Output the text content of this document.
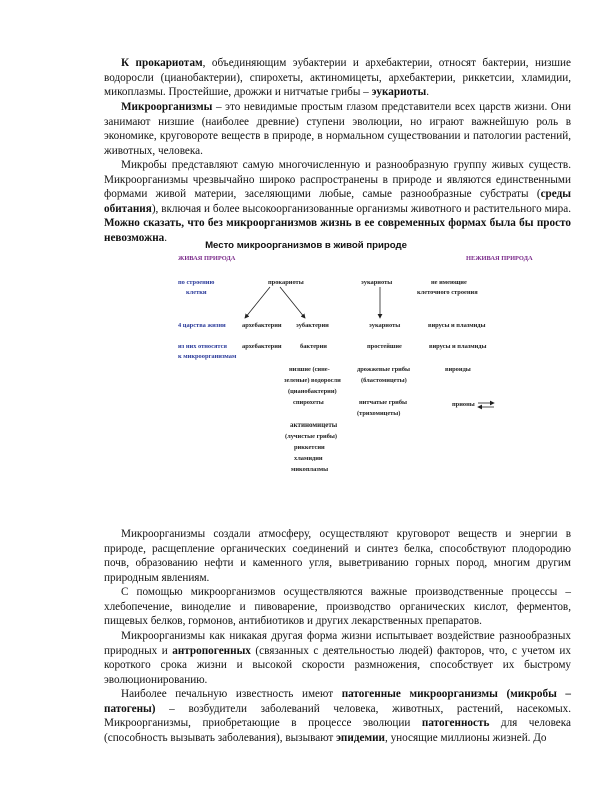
К прокариотам, объединяющим эубактерии и архебактерии, относят бактерии, низшие водоросли (цианобактерии), спирохеты, актиномицеты, архебактерии, риккетсии, хламидии, микоплазмы. Простейшие, дрожжи и нитчатые грибы – эукариоты.

Микроорганизмы – это невидимые простым глазом представители всех царств жизни. Они занимают низшие (наиболее древние) ступени эволюции, но играют важнейшую роль в экономике, круговороте веществ в природе, в нормальном существовании и патологии растений, животных, человека.

Микробы представляют самую многочисленную и разнообразную группу живых существ. Микроорганизмы чрезвычайно широко распространены в природе и являются единственными формами живой материи, заселяющими любые, самые разнообразные субстраты (среды обитания), включая и более высокоорганизованные организмы животного и растительного мира. Можно сказать, что без микроорганизмов жизнь в ее современных формах была бы просто невозможна.

Место микроорганизмов в живой природе
ЖИВАЯ ПРИРОДА	НЕЖИВАЯ ПРИРОДА
по строению
клетки
прокариоты	эукариоты	не имеющие
клеточного строения
4 царства жизни	архебактерии эубактерии	эукариоты	вирусы и плазмиды
из них относятся
к микроорганизмам
архебактерии	бактерии	простейшие	вирусы и плазмиды
низшие (сине-
зеленые) водоросли
(цианобактерии)
спирохеты
дрожжевые грибы
(бластомицеты)
нитчатые грибы
(трихомицеты)
вироиды
прионы
актиномицеты
(лучистые грибы)
риккетсии
хламидии
микоплазмы

Микроорганизмы создали атмосферу, осуществляют круговорот веществ и энергии в природе, расщепление органических соединений и синтез белка, способствуют плодородию почв, образованию нефти и каменного угля, выветриванию горных пород, многим другим природным явлениям.

С помощью микроорганизмов осуществляются важные производственные процессы – хлебопечение, виноделие и пивоварение, производство органических кислот, ферментов, пищевых белков, гормонов, антибиотиков и других лекарственных препаратов.

Микроорганизмы как никакая другая форма жизни испытывает воздействие разнообразных природных и антропогенных (связанных с деятельностью людей) факторов, что, с учетом их короткого срока жизни и высокой скорости размножения, способствует их быстрому эволюционированию.

Наиболее печальную известность имеют патогенные микроорганизмы (микробы – патогены) – возбудители заболеваний человека, животных, растений, насекомых. Микроорганизмы, приобретающие в процессе эволюции патогенность для человека (способность вызывать заболевания), вызывают эпидемии, уносящие миллионы жизней. До
